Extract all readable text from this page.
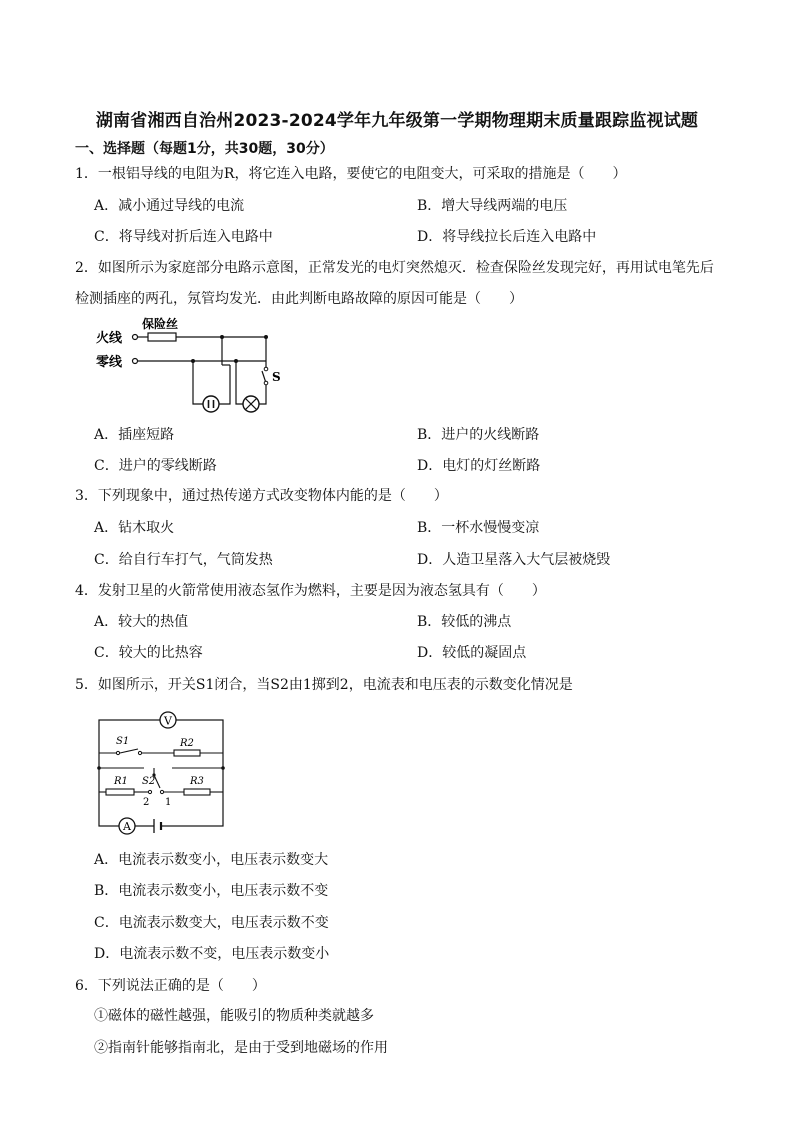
湖南省湘西自治州2023-2024学年九年级第一学期物理期末质量跟踪监视试题
一、选择题（每题1分，共30题，30分）
1．一根铝导线的电阻为R，将它连入电路，要使它的电阻变大，可采取的措施是（　　）
A．减小通过导线的电流	B．增大导线两端的电压
C．将导线对折后连入电路中	D．将导线拉长后连入电路中
2．如图所示为家庭部分电路示意图，正常发光的电灯突然熄灭．检查保险丝发现完好，再用试电笔先后
检测插座的两孔，氖管均发光．由此判断电路故障的原因可能是（　　）
火线
零线
保险丝
S
A．插座短路	B．进户的火线断路
C．进户的零线断路	D．电灯的灯丝断路
3．下列现象中，通过热传递方式改变物体内能的是（　　）
A．钻木取火	B．一杯水慢慢变凉
C．给自行车打气，气筒发热	D．人造卫星落入大气层被烧毁
4．发射卫星的火箭常使用液态氢作为燃料，主要是因为液态氢具有（　　）
A．较大的热值	B．较低的沸点
C．较大的比热容	D．较低的凝固点
5．如图所示，开关S1闭合，当S2由1掷到2，电流表和电压表的示数变化情况是
V
S1	R2
S2
R1
2 1
R3
A
A．电流表示数变小，电压表示数变大
B．电流表示数变小，电压表示数不变
C．电流表示数变大，电压表示数不变
D．电流表示数不变，电压表示数变小
6．下列说法正确的是（　　）
①磁体的磁性越强，能吸引的物质种类就越多
②指南针能够指南北，是由于受到地磁场的作用
